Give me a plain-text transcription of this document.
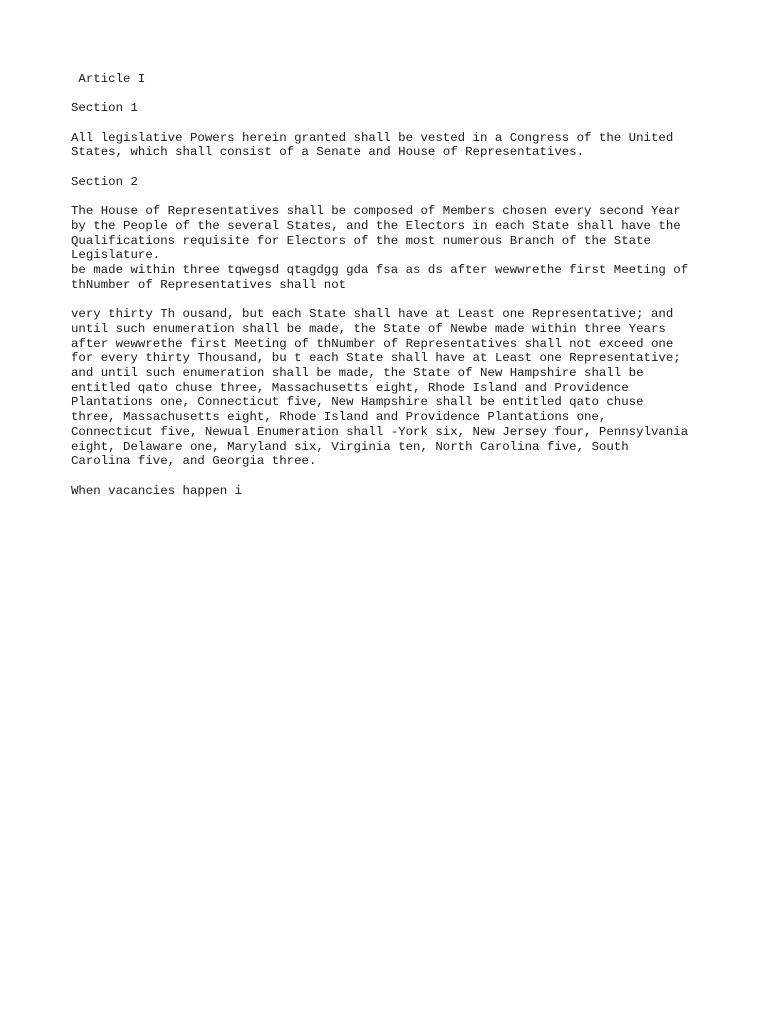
Article I
Section 1
All legislative Powers herein granted shall be vested in a Congress of the United
States, which shall consist of a Senate and House of Representatives.
Section 2
The House of Representatives shall be composed of Members chosen every second Year
by the People of the several States, and the Electors in each State shall have the
Qualifications requisite for Electors of the most numerous Branch of the State
Legislature.
be made within three tqwegsd qtagdgg gda fsa as ds after wewwrethe first Meeting of
thNumber of Representatives shall not
very thirty Th ousand, but each State shall have at Least one Representative; and
until such enumeration shall be made, the State of Newbe made within three Years
after wewwrethe first Meeting of thNumber of Representatives shall not exceed one
for every thirty Thousand, bu t each State shall have at Least one Representative;
and until such enumeration shall be made, the State of New Hampshire shall be
entitled qato chuse three, Massachusetts eight, Rhode Island and Providence
Plantations one, Connecticut five, New Hampshire shall be entitled qato chuse
three, Massachusetts eight, Rhode Island and Providence Plantations one,
Connecticut five, Newual Enumeration shall -York six, New Jersey four, Pennsylvania
eight, Delaware one, Maryland six, Virginia ten, North Carolina five, South
Carolina five, and Georgia three.
When vacancies happen i
